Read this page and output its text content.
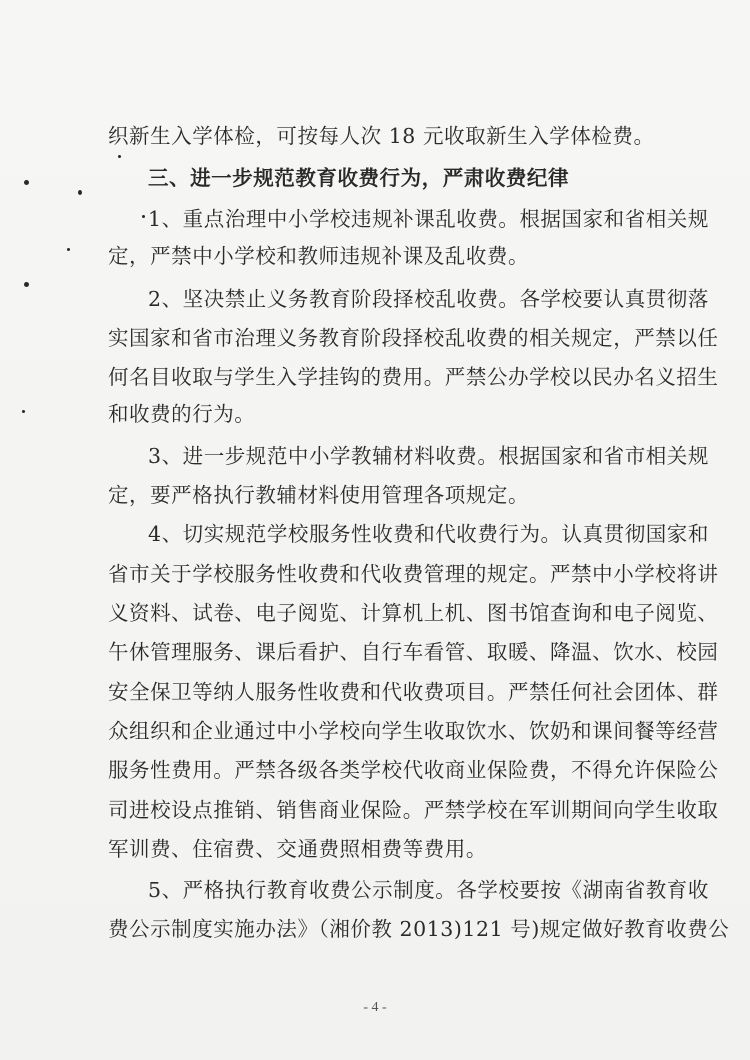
织新生入学体检，可按每人次 18 元收取新生入学体检费。
三、进一步规范教育收费行为，严肃收费纪律
1、重点治理中小学校违规补课乱收费。根据国家和省相关规
定，严禁中小学校和教师违规补课及乱收费。
2、坚决禁止义务教育阶段择校乱收费。各学校要认真贯彻落
实国家和省市治理义务教育阶段择校乱收费的相关规定，严禁以任
何名目收取与学生入学挂钩的费用。严禁公办学校以民办名义招生
和收费的行为。
3、进一步规范中小学教辅材料收费。根据国家和省市相关规
定，要严格执行教辅材料使用管理各项规定。
4、切实规范学校服务性收费和代收费行为。认真贯彻国家和
省市关于学校服务性收费和代收费管理的规定。严禁中小学校将讲
义资料、试卷、电子阅览、计算机上机、图书馆查询和电子阅览、
午休管理服务、课后看护、自行车看管、取暖、降温、饮水、校园
安全保卫等纳人服务性收费和代收费项目。严禁任何社会团体、群
众组织和企业通过中小学校向学生收取饮水、饮奶和课间餐等经营
服务性费用。严禁各级各类学校代收商业保险费，不得允许保险公
司进校设点推销、销售商业保险。严禁学校在军训期间向学生收取
军训费、住宿费、交通费照相费等费用。
5、严格执行教育收费公示制度。各学校要按《湖南省教育收
费公示制度实施办法》（湘价教 2013)121 号)规定做好教育收费公
- 4 -
